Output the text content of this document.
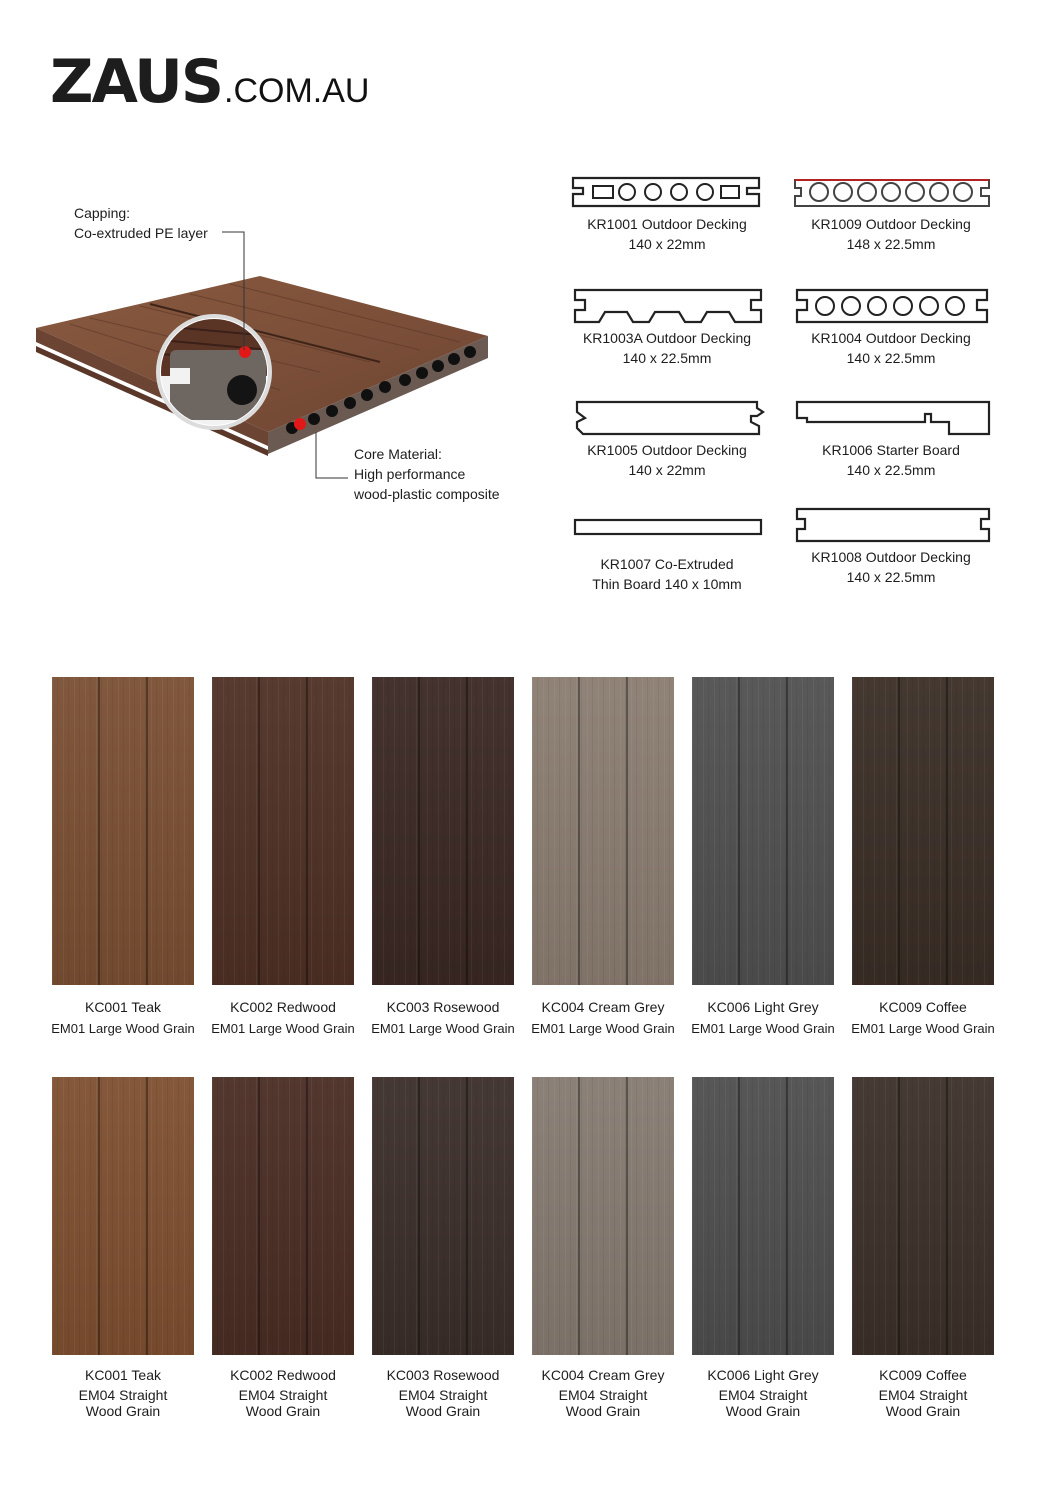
ZAUS .COM.AU
Capping:
Co-extruded PE layer
Core Material:
High performance
wood-plastic composite
KR1001 Outdoor Decking
140 x 22mm
KR1009 Outdoor Decking
148 x 22.5mm
KR1003A Outdoor Decking
140 x 22.5mm
KR1004 Outdoor Decking
140 x 22.5mm
KR1005 Outdoor Decking
140 x 22mm
KR1006 Starter Board
140 x 22.5mm
KR1007 Co-Extruded
Thin Board 140 x 10mm
KR1008 Outdoor Decking
140 x 22.5mm
KC001 Teak
EM01 Large Wood Grain
KC002 Redwood
EM01 Large Wood Grain
KC003 Rosewood
EM01 Large Wood Grain
KC004 Cream Grey
EM01 Large Wood Grain
KC006 Light Grey
EM01 Large Wood Grain
KC009 Coffee
EM01 Large Wood Grain
KC001 Teak
EM04 Straight
Wood Grain
KC002 Redwood
EM04 Straight
Wood Grain
KC003 Rosewood
EM04 Straight
Wood Grain
KC004 Cream Grey
EM04 Straight
Wood Grain
KC006 Light Grey
EM04 Straight
Wood Grain
KC009 Coffee
EM04 Straight
Wood Grain
